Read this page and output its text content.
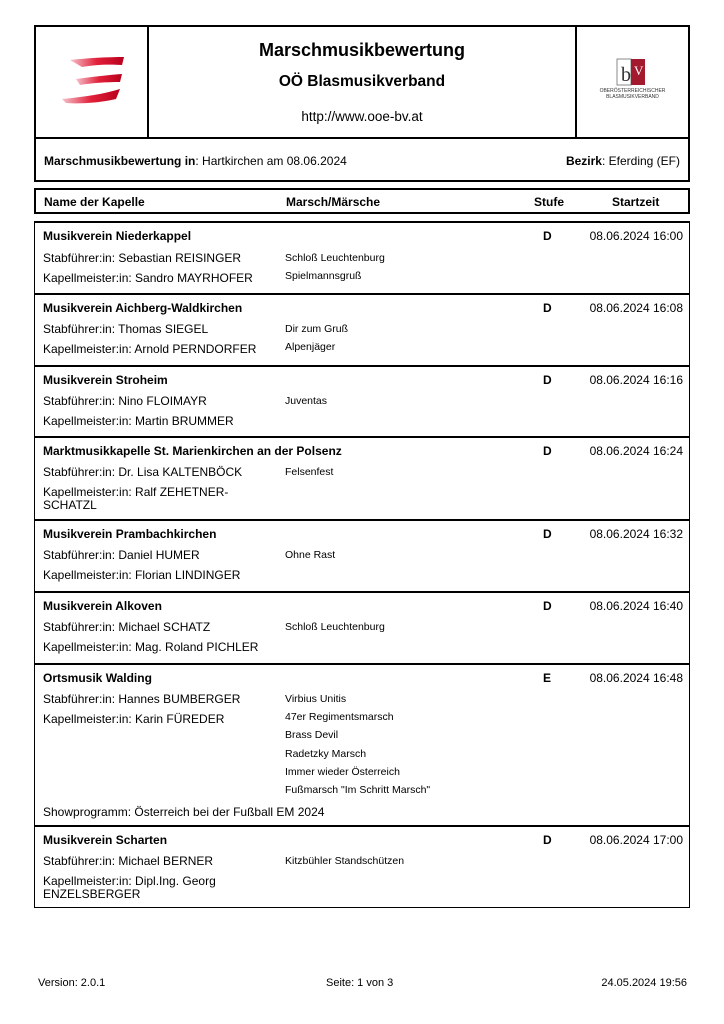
Marschmusikbewertung
OÖ Blasmusikverband
http://www.ooe-bv.at
b V
OBERÖSTERREICHISCHER
BLASMUSIKVERBAND
Marschmusikbewertung in: Hartkirchen am 08.06.2024	Bezirk: Eferding (EF)
Name der Kapelle	Marsch/Märsche	Stufe	Startzeit
Musikverein Niederkappel	D	08.06.2024 16:00
Stabführer:in: Sebastian REISINGER
Kapellmeister:in: Sandro MAYRHOFER
Schloß Leuchtenburg
Spielmannsgruß
Musikverein Aichberg-Waldkirchen	D	08.06.2024 16:08
Stabführer:in: Thomas SIEGEL
Kapellmeister:in: Arnold PERNDORFER
Dir zum Gruß
Alpenjäger
Musikverein Stroheim	D	08.06.2024 16:16
Stabführer:in: Nino FLOIMAYR
Kapellmeister:in: Martin BRUMMER
Juventas
Marktmusikkapelle St. Marienkirchen an der Polsenz	D	08.06.2024 16:24
Stabführer:in: Dr. Lisa KALTENBÖCK
Kapellmeister:in: Ralf ZEHETNER-SCHATZL
Felsenfest
Musikverein Prambachkirchen	D	08.06.2024 16:32
Stabführer:in: Daniel HUMER
Kapellmeister:in: Florian LINDINGER
Ohne Rast
Musikverein Alkoven	D	08.06.2024 16:40
Stabführer:in: Michael SCHATZ
Kapellmeister:in: Mag. Roland PICHLER
Schloß Leuchtenburg
Ortsmusik Walding	E	08.06.2024 16:48
Stabführer:in: Hannes BUMBERGER
Kapellmeister:in: Karin FÜREDER
Virbius Unitis
47er Regimentsmarsch
Brass Devil
Radetzky Marsch
Immer wieder Österreich
Fußmarsch "Im Schritt Marsch"
Showprogramm: Österreich bei der Fußball EM 2024
Musikverein Scharten	D	08.06.2024 17:00
Stabführer:in: Michael BERNER
Kapellmeister:in: Dipl.Ing. Georg ENZELSBERGER
Kitzbühler Standschützen
Version: 2.0.1	Seite: 1 von 3	24.05.2024 19:56
